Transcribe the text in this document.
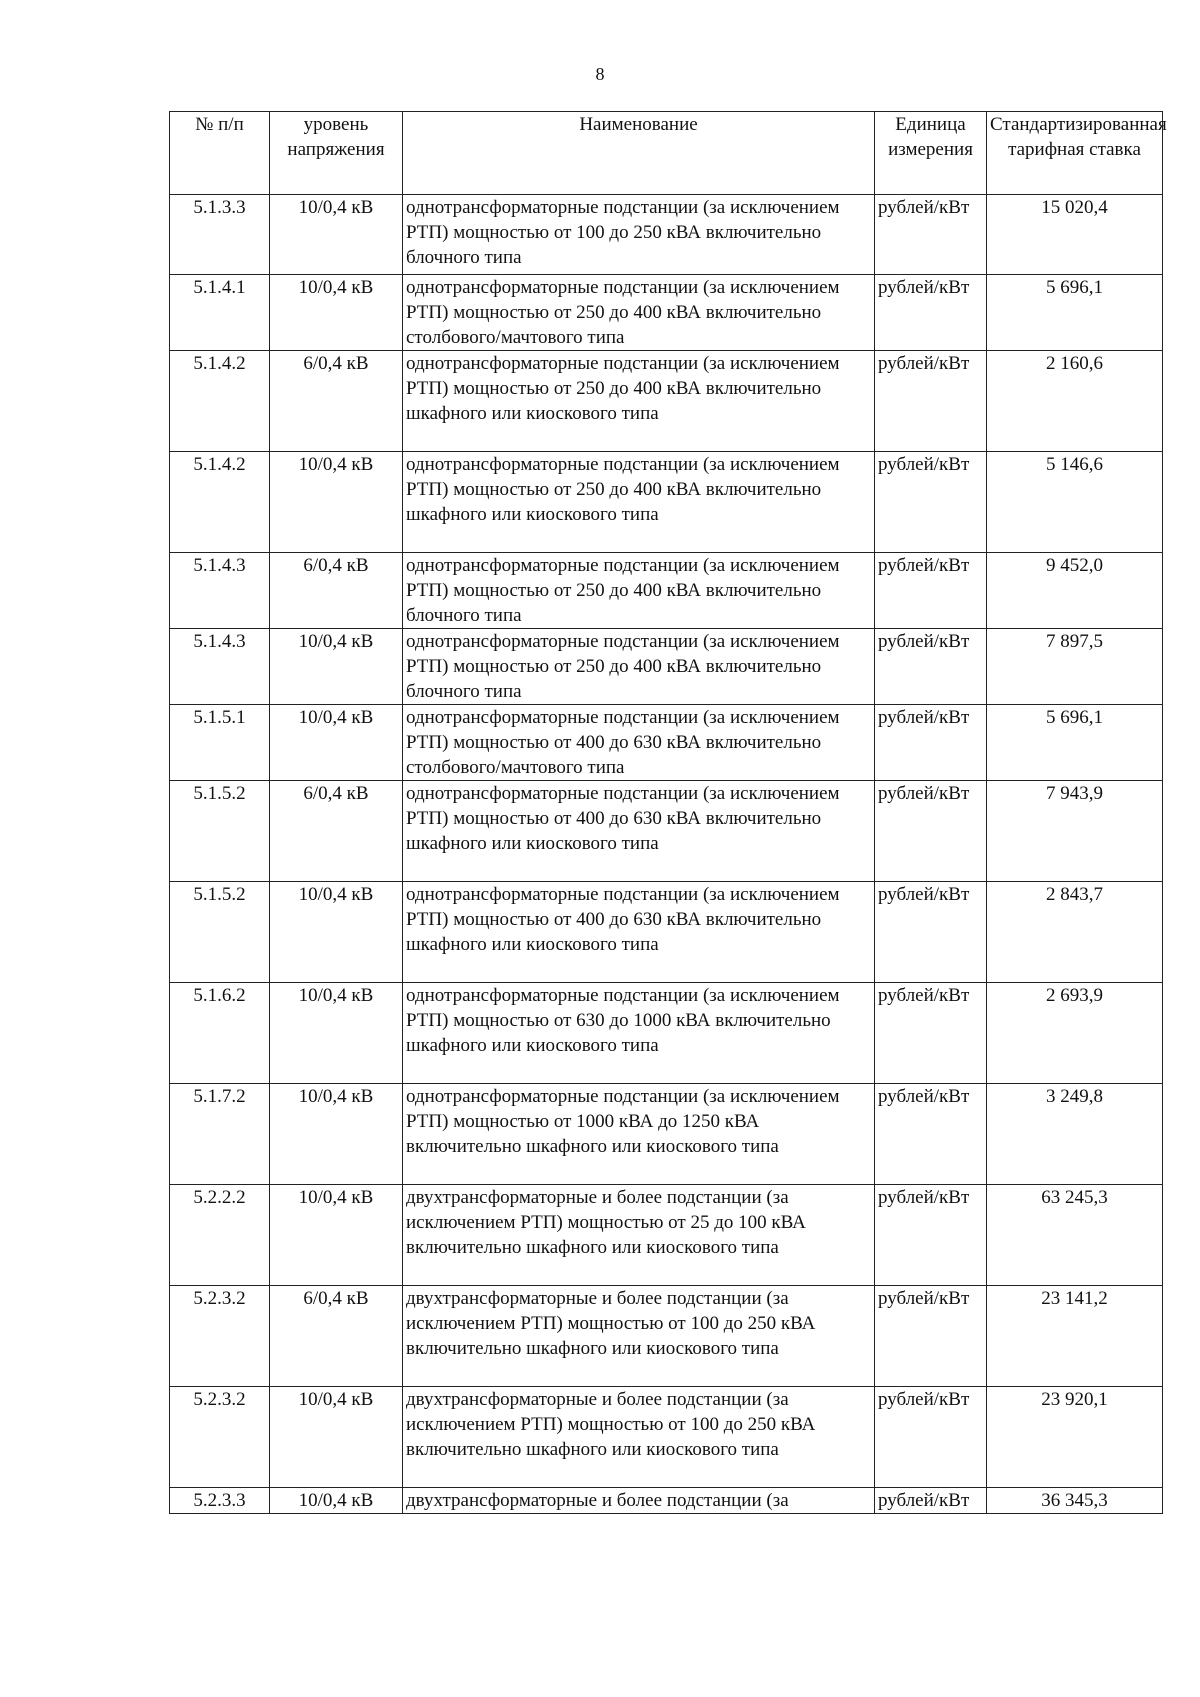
8
№ п/п	уровень напряжения	Наименование	Единица измерения	Стандартизированная тарифная ставка
5.1.3.3	10/0,4 кВ	однотрансформаторные подстанции (за исключением РТП) мощностью от 100 до 250 кВА включительно блочного типа	рублей/кВт	15 020,4
5.1.4.1	10/0,4 кВ	однотрансформаторные подстанции (за исключением РТП) мощностью от 250 до 400 кВА включительно столбового/мачтового типа	рублей/кВт	5 696,1
5.1.4.2	6/0,4 кВ	однотрансформаторные подстанции (за исключением РТП) мощностью от 250 до 400 кВА включительно шкафного или киоскового типа	рублей/кВт	2 160,6
5.1.4.2	10/0,4 кВ	однотрансформаторные подстанции (за исключением РТП) мощностью от 250 до 400 кВА включительно шкафного или киоскового типа	рублей/кВт	5 146,6
5.1.4.3	6/0,4 кВ	однотрансформаторные подстанции (за исключением РТП) мощностью от 250 до 400 кВА включительно блочного типа	рублей/кВт	9 452,0
5.1.4.3	10/0,4 кВ	однотрансформаторные подстанции (за исключением РТП) мощностью от 250 до 400 кВА включительно блочного типа	рублей/кВт	7 897,5
5.1.5.1	10/0,4 кВ	однотрансформаторные подстанции (за исключением РТП) мощностью от 400 до 630 кВА включительно столбового/мачтового типа	рублей/кВт	5 696,1
5.1.5.2	6/0,4 кВ	однотрансформаторные подстанции (за исключением РТП) мощностью от 400 до 630 кВА включительно шкафного или киоскового типа	рублей/кВт	7 943,9
5.1.5.2	10/0,4 кВ	однотрансформаторные подстанции (за исключением РТП) мощностью от 400 до 630 кВА включительно шкафного или киоскового типа	рублей/кВт	2 843,7
5.1.6.2	10/0,4 кВ	однотрансформаторные подстанции (за исключением РТП) мощностью от 630 до 1000 кВА включительно шкафного или киоскового типа	рублей/кВт	2 693,9
5.1.7.2	10/0,4 кВ	однотрансформаторные подстанции (за исключением РТП) мощностью от 1000 кВА до 1250 кВА включительно шкафного или киоскового типа	рублей/кВт	3 249,8
5.2.2.2	10/0,4 кВ	двухтрансформаторные и более подстанции (за исключением РТП) мощностью от 25 до 100 кВА включительно шкафного или киоскового типа	рублей/кВт	63 245,3
5.2.3.2	6/0,4 кВ	двухтрансформаторные и более подстанции (за исключением РТП) мощностью от 100 до 250 кВА включительно шкафного или киоскового типа	рублей/кВт	23 141,2
5.2.3.2	10/0,4 кВ	двухтрансформаторные и более подстанции (за исключением РТП) мощностью от 100 до 250 кВА включительно шкафного или киоскового типа	рублей/кВт	23 920,1
5.2.3.3	10/0,4 кВ	двухтрансформаторные и более подстанции (за	рублей/кВт	36 345,3
